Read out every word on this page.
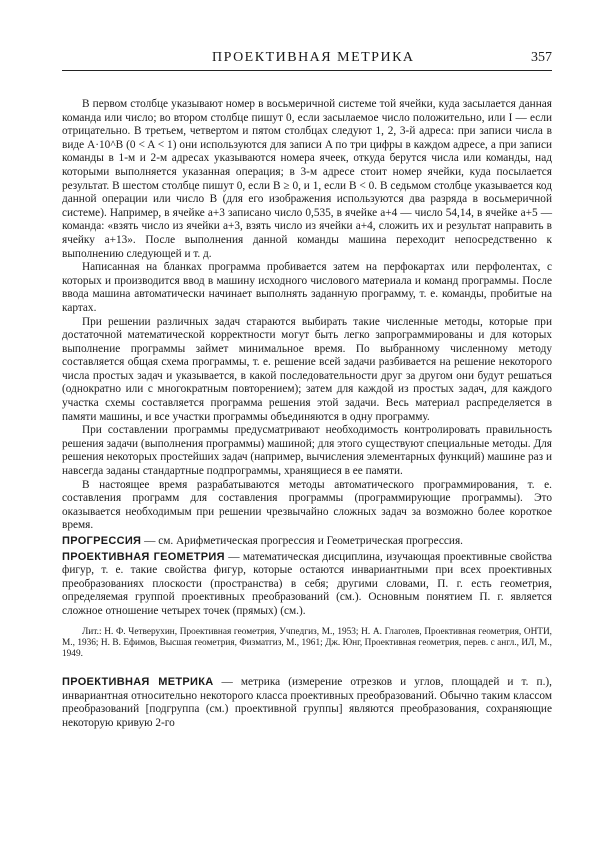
ПРОЕКТИВНАЯ МЕТРИКА	357

В первом столбце указывают номер в восьмеричной системе той ячейки, куда засылается данная команда или число; во втором столбце пишут 0, если засылаемое число положительно, или I — если отрицательно. В третьем, четвертом и пятом столбцах следуют 1, 2, 3-й адреса: при записи числа в виде A·10^B (0 < A < 1) они используются для записи A по три цифры в каждом адресе, а при записи команды в 1-м и 2-м адресах указываются номера ячеек, откуда берутся числа или команды, над которыми выполняется указанная операция; в 3-м адресе стоит номер ячейки, куда посылается результат. В шестом столбце пишут 0, если B ≥ 0, и 1, если B < 0. В седьмом столбце указывается код данной операции или число B (для его изображения используются два разряда в восьмеричной системе). Например, в ячейке a+3 записано число 0,535, в ячейке a+4 — число 54,14, в ячейке a+5 — команда: «взять число из ячейки a+3, взять число из ячейки a+4, сложить их и результат направить в ячейку a+13». После выполнения данной команды машина переходит непосредственно к выполнению следующей и т. д.

Написанная на бланках программа пробивается затем на перфокартах или перфолентах, с которых и производится ввод в машину исходного числового материала и команд программы. После ввода машина автоматически начинает выполнять заданную программу, т. е. команды, пробитые на картах.

При решении различных задач стараются выбирать такие численные методы, которые при достаточной математической корректности могут быть легко запрограммированы и для которых выполнение программы займет минимальное время. По выбранному численному методу составляется общая схема программы, т. е. решение всей задачи разбивается на решение некоторого числа простых задач и указывается, в какой последовательности друг за другом они будут решаться (однократно или с многократным повторением); затем для каждой из простых задач, для каждого участка схемы составляется программа решения этой задачи. Весь материал распределяется в памяти машины, и все участки программы объединяются в одну программу.

При составлении программы предусматривают необходимость контролировать правильность решения задачи (выполнения программы) машиной; для этого существуют специальные методы. Для решения некоторых простейших задач (например, вычисления элементарных функций) машине раз и навсегда заданы стандартные подпрограммы, хранящиеся в ее памяти.

В настоящее время разрабатываются методы автоматического программирования, т. е. составления программ для составления программы (программирующие программы). Это оказывается необходимым при решении чрезвычайно сложных задач за возможно более короткое время.

ПРОГРЕССИЯ — см. Арифметическая прогрессия и Геометрическая прогрессия.

ПРОЕКТИВНАЯ ГЕОМЕТРИЯ — математическая дисциплина, изучающая проективные свойства фигур, т. е. такие свойства фигур, которые остаются инвариантными при всех проективных преобразованиях плоскости (пространства) в себя; другими словами, П. г. есть геометрия, определяемая группой проективных преобразований (см.). Основным понятием П. г. является сложное отношение четырех точек (прямых) (см.).

Лит.: Н. Ф. Четверухин, Проективная геометрия, Учпедгиз, М., 1953; Н. А. Глаголев, Проективная геометрия, ОНТИ, М., 1936; Н. В. Ефимов, Высшая геометрия, Физматгиз, М., 1961; Дж. Юнг, Проективная геометрия, перев. с англ., ИЛ, М., 1949.

ПРОЕКТИВНАЯ МЕТРИКА — метрика (измерение отрезков и углов, площадей и т. п.), инвариантная относительно некоторого класса проективных преобразований. Обычно таким классом преобразований [подгруппа (см.) проективной группы] являются преобразования, сохраняющие некоторую кривую 2-го
